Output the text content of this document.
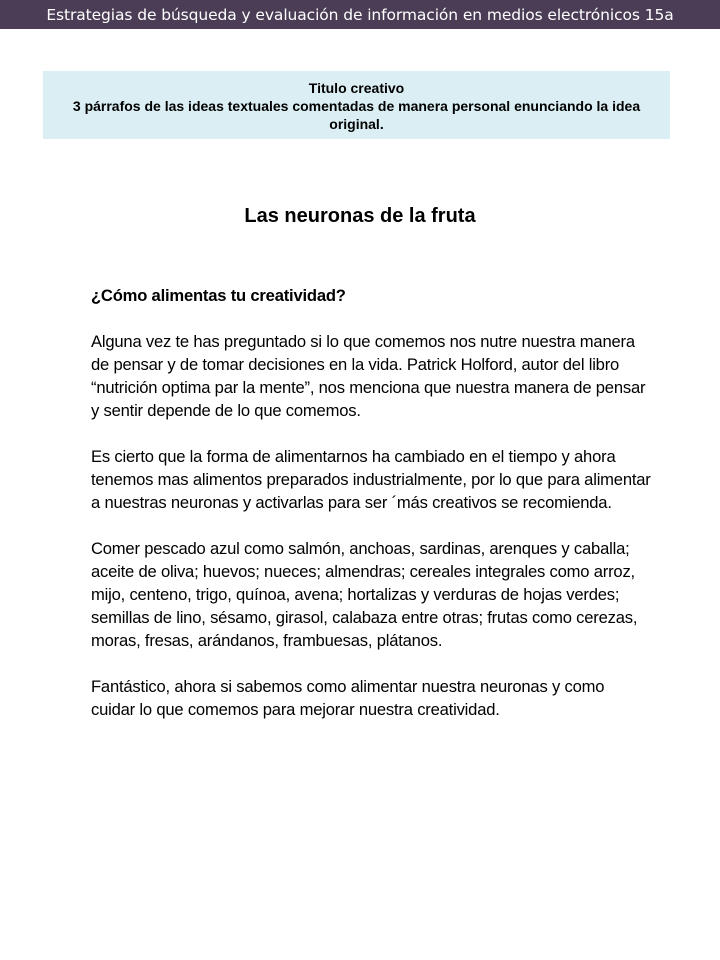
Estrategias de búsqueda y evaluación de información en medios electrónicos 15a
Titulo creativo
3 párrafos de las ideas textuales comentadas de manera personal enunciando la idea original.
Las neuronas de la fruta

¿Cómo alimentas tu creatividad?

Alguna vez te has preguntado si lo que comemos nos nutre nuestra manera de pensar y de tomar decisiones en la vida. Patrick Holford, autor del libro “nutrición optima par la mente”, nos menciona que nuestra manera de pensar y sentir depende de lo que comemos.

Es cierto que la forma de alimentarnos ha cambiado en el tiempo y ahora tenemos mas alimentos preparados industrialmente, por lo que para alimentar a nuestras neuronas y activarlas para ser ´más creativos se recomienda.

Comer pescado azul como salmón, anchoas, sardinas, arenques y caballa; aceite de oliva; huevos; nueces; almendras; cereales integrales como arroz, mijo, centeno, trigo, quínoa, avena; hortalizas y verduras de hojas verdes; semillas de lino, sésamo, girasol, calabaza entre otras; frutas como cerezas, moras, fresas, arándanos, frambuesas, plátanos.

Fantástico, ahora si sabemos como alimentar nuestra neuronas y como cuidar lo que comemos para mejorar nuestra creatividad.
